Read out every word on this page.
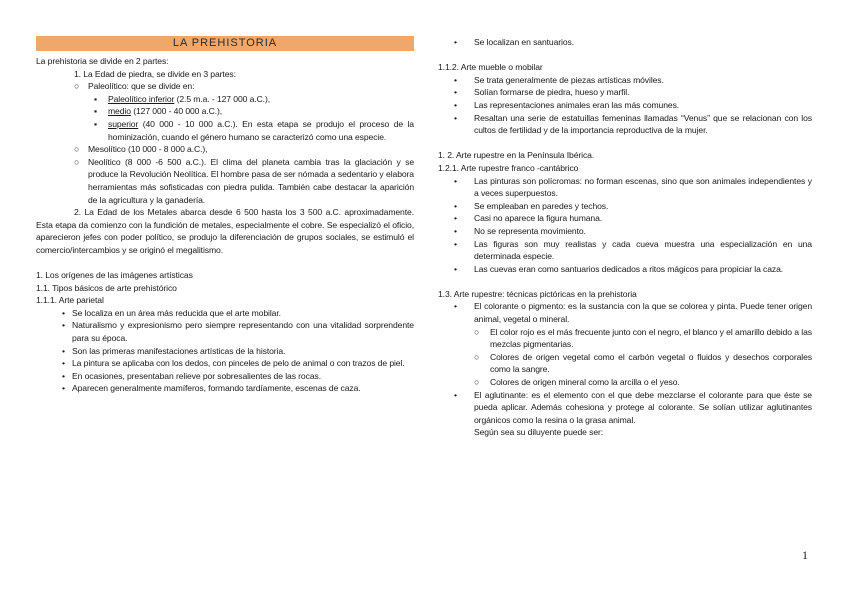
LA PREHISTORIA
La prehistoria se divide en 2 partes:
1. La Edad de piedra, se divide en 3 partes:
○ Paleolítico: que se divide en:
▪ Paleolítico inferior (2.5 m.a. - 127 000 a.C.),
▪ medio (127 000 - 40 000 a.C.),
▪ superior (40 000 - 10 000 a.C.). En esta etapa se produjo el proceso de la hominización, cuando el género humano se caracterizó como una especie.
○ Mesolítico (10 000 - 8 000 a.C.),
○ Neolítico (8 000 -6 500 a.C.). El clima del planeta cambia tras la glaciación y se produce la Revolución Neolítica. El hombre pasa de ser nómada a sedentario y elabora herramientas más sofisticadas con piedra pulida. También cabe destacar la aparición de la agricultura y la ganadería.
2. La Edad de los Metales abarca desde 6 500 hasta los 3 500 a.C. aproximadamente. Esta etapa da comienzo con la fundición de metales, especialmente el cobre. Se especializó el oficio, aparecieron jefes con poder político, se produjo la diferenciación de grupos sociales, se estimuló el comercio/intercambios y se originó el megalitismo.
1. Los orígenes de las imágenes artísticas
1.1. Tipos básicos de arte prehistórico
1.1.1. Arte parietal
• Se localiza en un área más reducida que el arte mobilar.
• Naturalismo y expresionismo pero siempre representando con una vitalidad sorprendente para su época.
• Son las primeras manifestaciones artísticas de la historia.
• La pintura se aplicaba con los dedos, con pinceles de pelo de animal o con trazos de piel.
• En ocasiones, presentaban relieve por sobresalientes de las rocas.
• Aparecen generalmente mamíferos, formando tardíamente, escenas de caza.
• Se localizan en santuarios.
1.1.2. Arte mueble o mobilar
• Se trata generalmente de piezas artísticas móviles.
• Solían formarse de piedra, hueso y marfil.
• Las representaciones animales eran las más comunes.
• Resaltan una serie de estatuillas femeninas llamadas “Venus” que se relacionan con los cultos de fertilidad y de la importancia reproductiva de la mujer.
1. 2. Arte rupestre en la Península Ibérica.
1.2.1. Arte rupestre franco -cantábrico
• Las pinturas son polícromas: no forman escenas, sino que son animales independientes y a veces superpuestos.
• Se empleaban en paredes y techos.
• Casi no aparece la figura humana.
• No se representa movimiento.
• Las figuras son muy realistas y cada cueva muestra una especialización en una determinada especie.
• Las cuevas eran como santuarios dedicados a ritos mágicos para propiciar la caza.
1.3. Arte rupestre: técnicas pictóricas en la prehistoria
• El colorante o pigmento: es la sustancia con la que se colorea y pinta. Puede tener origen animal, vegetal o mineral.
○ El color rojo es el más frecuente junto con el negro, el blanco y el amarillo debido a las mezclas pigmentarias.
○ Colores de origen vegetal como el carbón vegetal o fluidos y desechos corporales como la sangre.
○ Colores de origen mineral como la arcilla o el yeso.
• El aglutinante: es el elemento con el que debe mezclarse el colorante para que éste se pueda aplicar. Además cohesiona y protege al colorante. Se solían utilizar aglutinantes orgánicos como la resina o la grasa animal.
Según sea su diluyente puede ser:
1
